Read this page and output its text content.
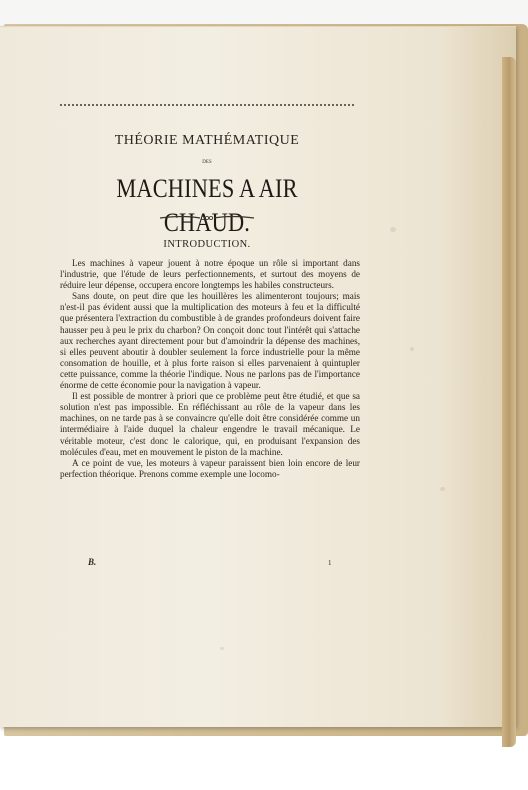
THÉORIE MATHÉMATIQUE
DES
MACHINES A AIR CHAUD.
INTRODUCTION.

Les machines à vapeur jouent à notre époque un rôle si important dans l'industrie, que l'étude de leurs perfectionnements, et surtout des moyens de réduire leur dépense, occupera encore longtemps les habiles constructeurs.

Sans doute, on peut dire que les houillères les alimenteront toujours; mais n'est-il pas évident aussi que la multiplication des moteurs à feu et la difficulté que présentera l'extraction du combustible à de grandes profondeurs doivent faire hausser peu à peu le prix du charbon? On conçoit donc tout l'intérêt qui s'attache aux recherches ayant directement pour but d'amoindrir la dépense des machines, si elles peuvent aboutir à doubler seulement la force industrielle pour la même consomation de houille, et à plus forte raison si elles parvenaient à quintupler cette puissance, comme la théorie l'indique. Nous ne parlons pas de l'importance énorme de cette économie pour la navigation à vapeur.

Il est possible de montrer à priori que ce problème peut être étudié, et que sa solution n'est pas impossible. En réfléchissant au rôle de la vapeur dans les machines, on ne tarde pas à se convaincre qu'elle doit être considérée comme un intermédiaire à l'aide duquel la chaleur engendre le travail mécanique. Le véritable moteur, c'est donc le calorique, qui, en produisant l'expansion des molécules d'eau, met en mouvement le piston de la machine.

A ce point de vue, les moteurs à vapeur paraissent bien loin encore de leur perfection théorique. Prenons comme exemple une locomo-

B.	1
